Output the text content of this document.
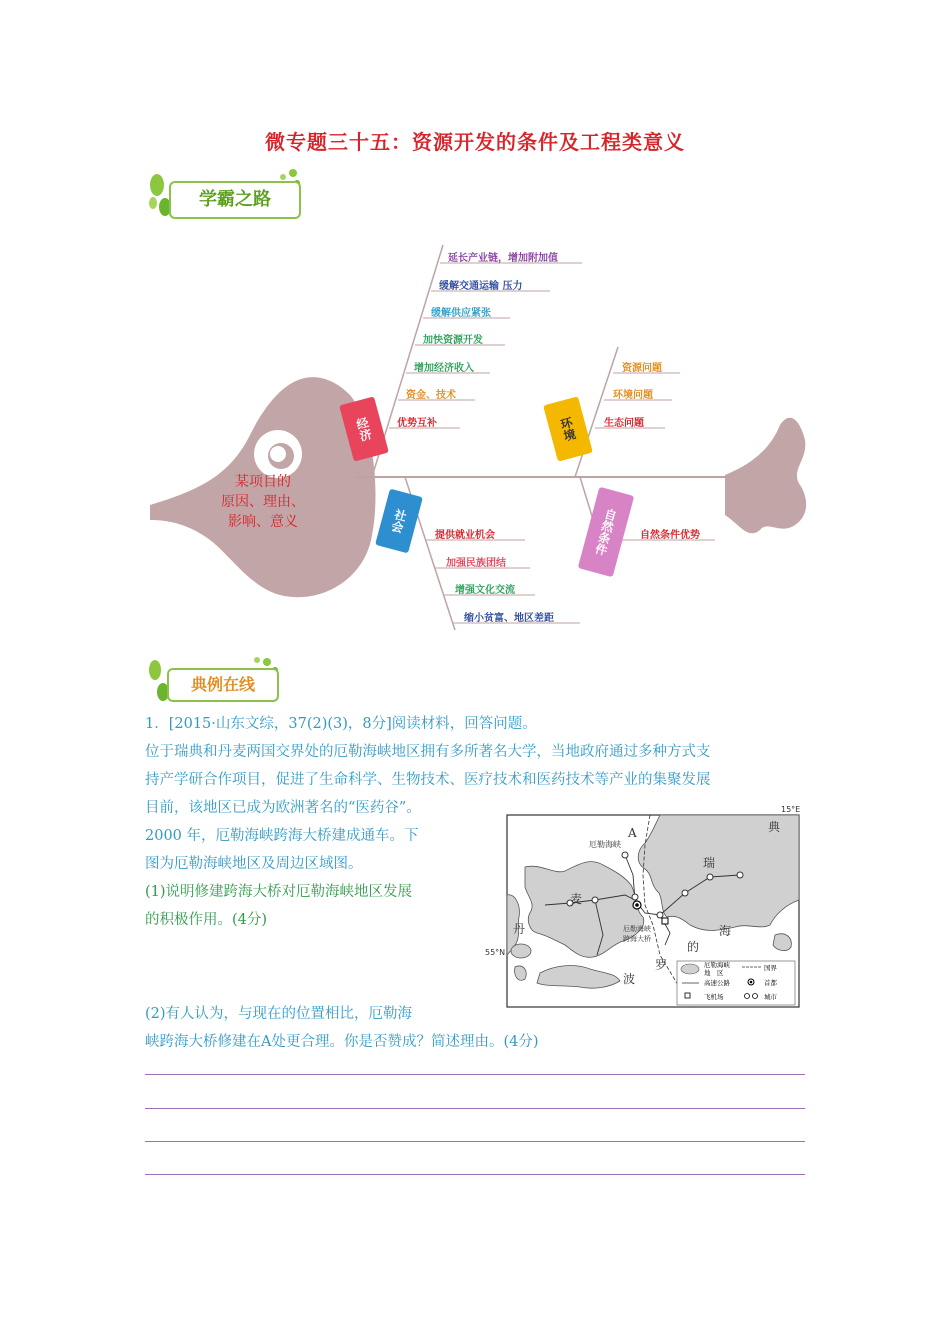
微专题三十五：资源开发的条件及工程类意义
学霸之路
某项目的
原因、理由、
影响、意义
经济	环境
社会	自然条件
延长产业链，增加附加值
缓解交通运输 压力
缓解供应紧张
加快资源开发
增加经济收入
资金、技术
优势互补
资源问题
环境问题
生态问题
提供就业机会
加强民族团结
增强文化交流
缩小贫富、地区差距
自然条件优势
典例在线
1．[2015·山东文综，37(2)(3)，8分]阅读材料，回答问题。
位于瑞典和丹麦两国交界处的厄勒海峡地区拥有多所著名大学，当地政府通过多种方式支
持产学研合作项目，促进了生命科学、生物技术、医疗技术和医药技术等产业的集聚发展
目前，该地区已成为欧洲著名的“医药谷”。
2000 年，厄勒海峡跨海大桥建成通车。下
图为厄勒海峡地区及周边区域图。
(1)说明修建跨海大桥对厄勒海峡地区发展
的积极作用。(4分)
(2)有人认为，与现在的位置相比，厄勒海
峡跨海大桥修建在A处更合理。你是否赞成？简述理由。(4分)
15°E
55°N
A
厄勒海峡
厄勒海峡
跨海大桥
典
瑞
麦
丹
的
海
罗
波
厄勒海峡
地　区
国界
高速公路	首都
飞机场	城市
